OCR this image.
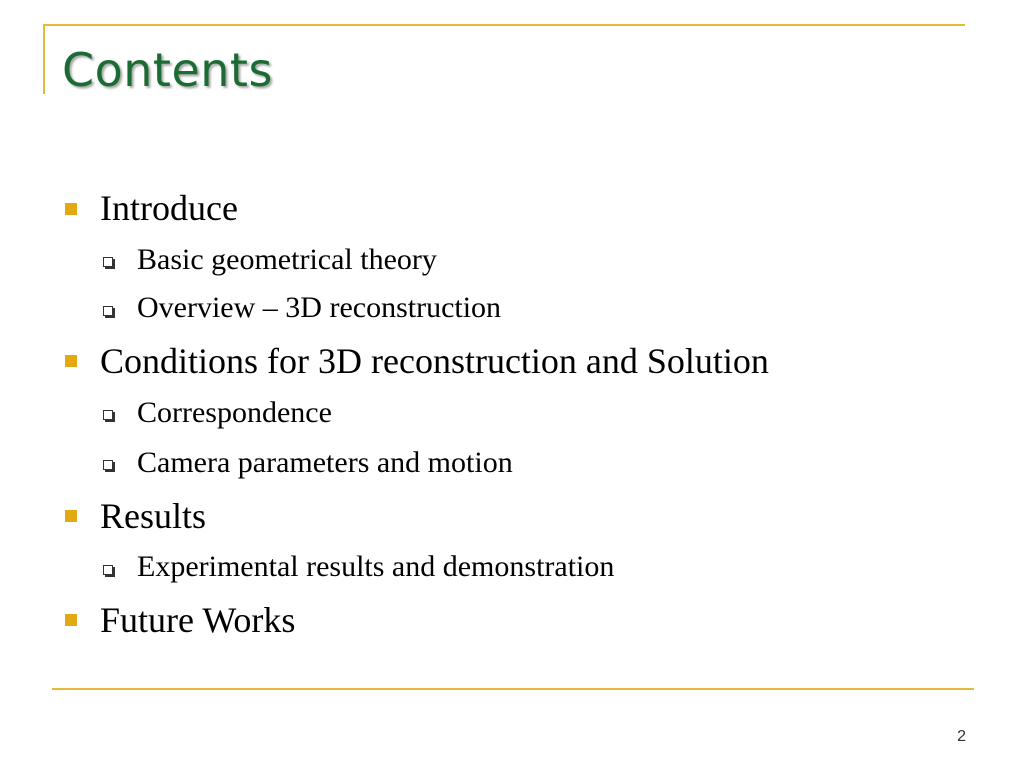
Contents
Introduce
Basic geometrical theory
Overview – 3D reconstruction
Conditions for 3D reconstruction and Solution
Correspondence
Camera parameters and motion
Results
Experimental results and demonstration
Future Works
2
